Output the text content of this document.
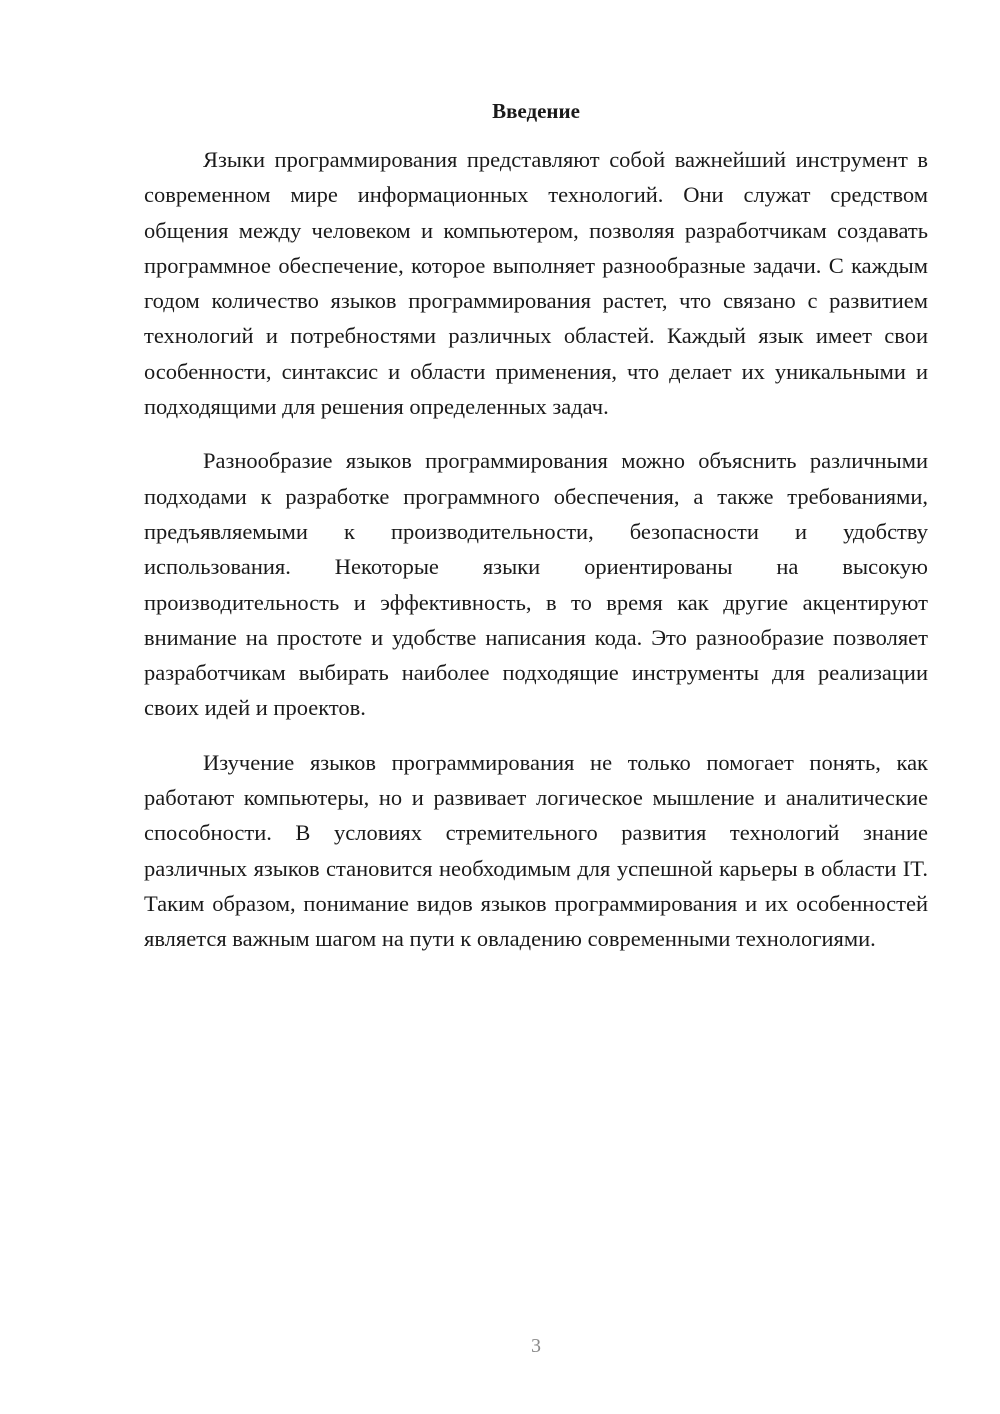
Введение

Языки программирования представляют собой важнейший инструмент в современном мире информационных технологий. Они служат средством общения между человеком и компьютером, позволяя разработчикам создавать программное обеспечение, которое выполняет разнообразные задачи. С каждым годом количество языков программирования растет, что связано с развитием технологий и потребностями различных областей. Каждый язык имеет свои особенности, синтаксис и области применения, что делает их уникальными и подходящими для решения определенных задач.

Разнообразие языков программирования можно объяснить различными подходами к разработке программного обеспечения, а также требованиями, предъявляемыми к производительности, безопасности и удобству использования. Некоторые языки ориентированы на высокую производительность и эффективность, в то время как другие акцентируют внимание на простоте и удобстве написания кода. Это разнообразие позволяет разработчикам выбирать наиболее подходящие инструменты для реализации своих идей и проектов.

Изучение языков программирования не только помогает понять, как работают компьютеры, но и развивает логическое мышление и аналитические способности. В условиях стремительного развития технологий знание различных языков становится необходимым для успешной карьеры в области IT. Таким образом, понимание видов языков программирования и их особенностей является важным шагом на пути к овладению современными технологиями.

3
